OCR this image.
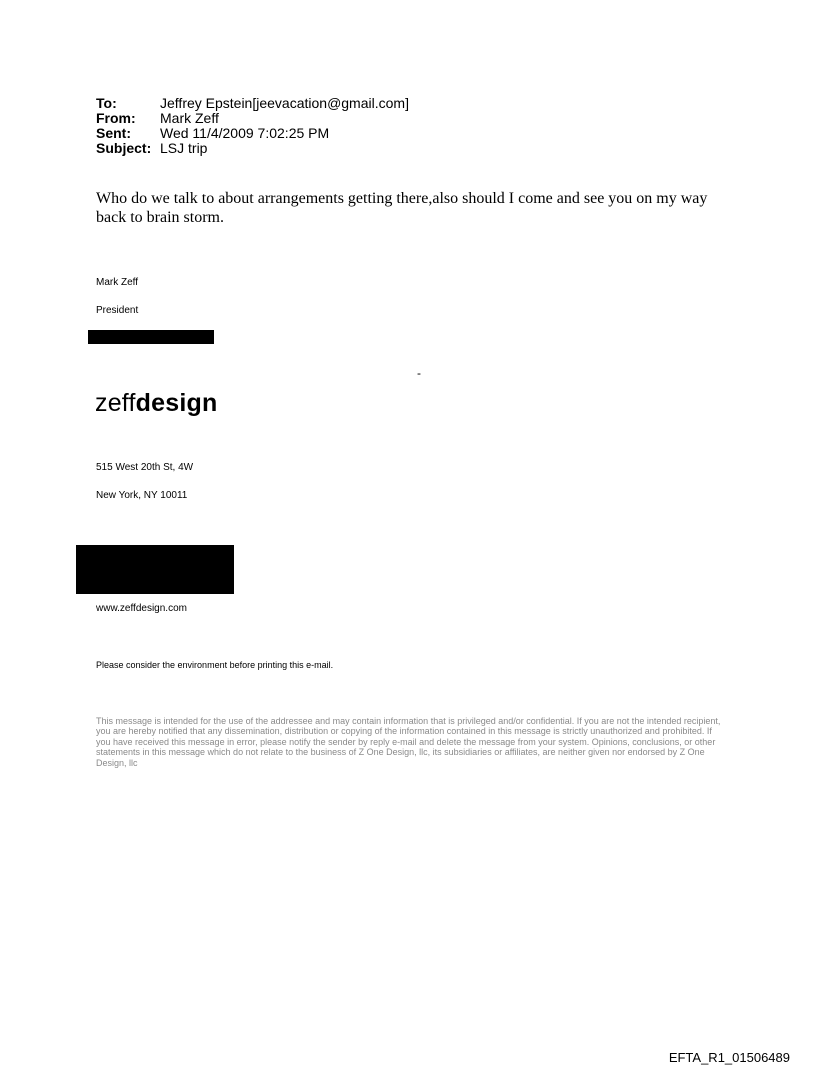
To:	Jeffrey Epstein[jeevacation@gmail.com]
From:	Mark Zeff
Sent:	Wed 11/4/2009 7:02:25 PM
Subject: LSJ trip
Who do we talk to about arrangements getting there,also should I come and see you on my way back to brain storm.
Mark Zeff
President
-
zeffdesign
515 West 20th St, 4W
New York, NY 10011
www.zeffdesign.com
Please consider the environment before printing this e-mail.
This message is intended for the use of the addressee and may contain information that is privileged and/or confidential. If you are not the intended recipient, you are hereby notified that any dissemination, distribution or copying of the information contained in this message is strictly unauthorized and prohibited. If you have received this message in error, please notify the sender by reply e-mail and delete the message from your system. Opinions, conclusions, or other statements in this message which do not relate to the business of Z One Design, llc, its subsidiaries or affiliates, are neither given nor endorsed by Z One Design, llc
EFTA_R1_01506489
